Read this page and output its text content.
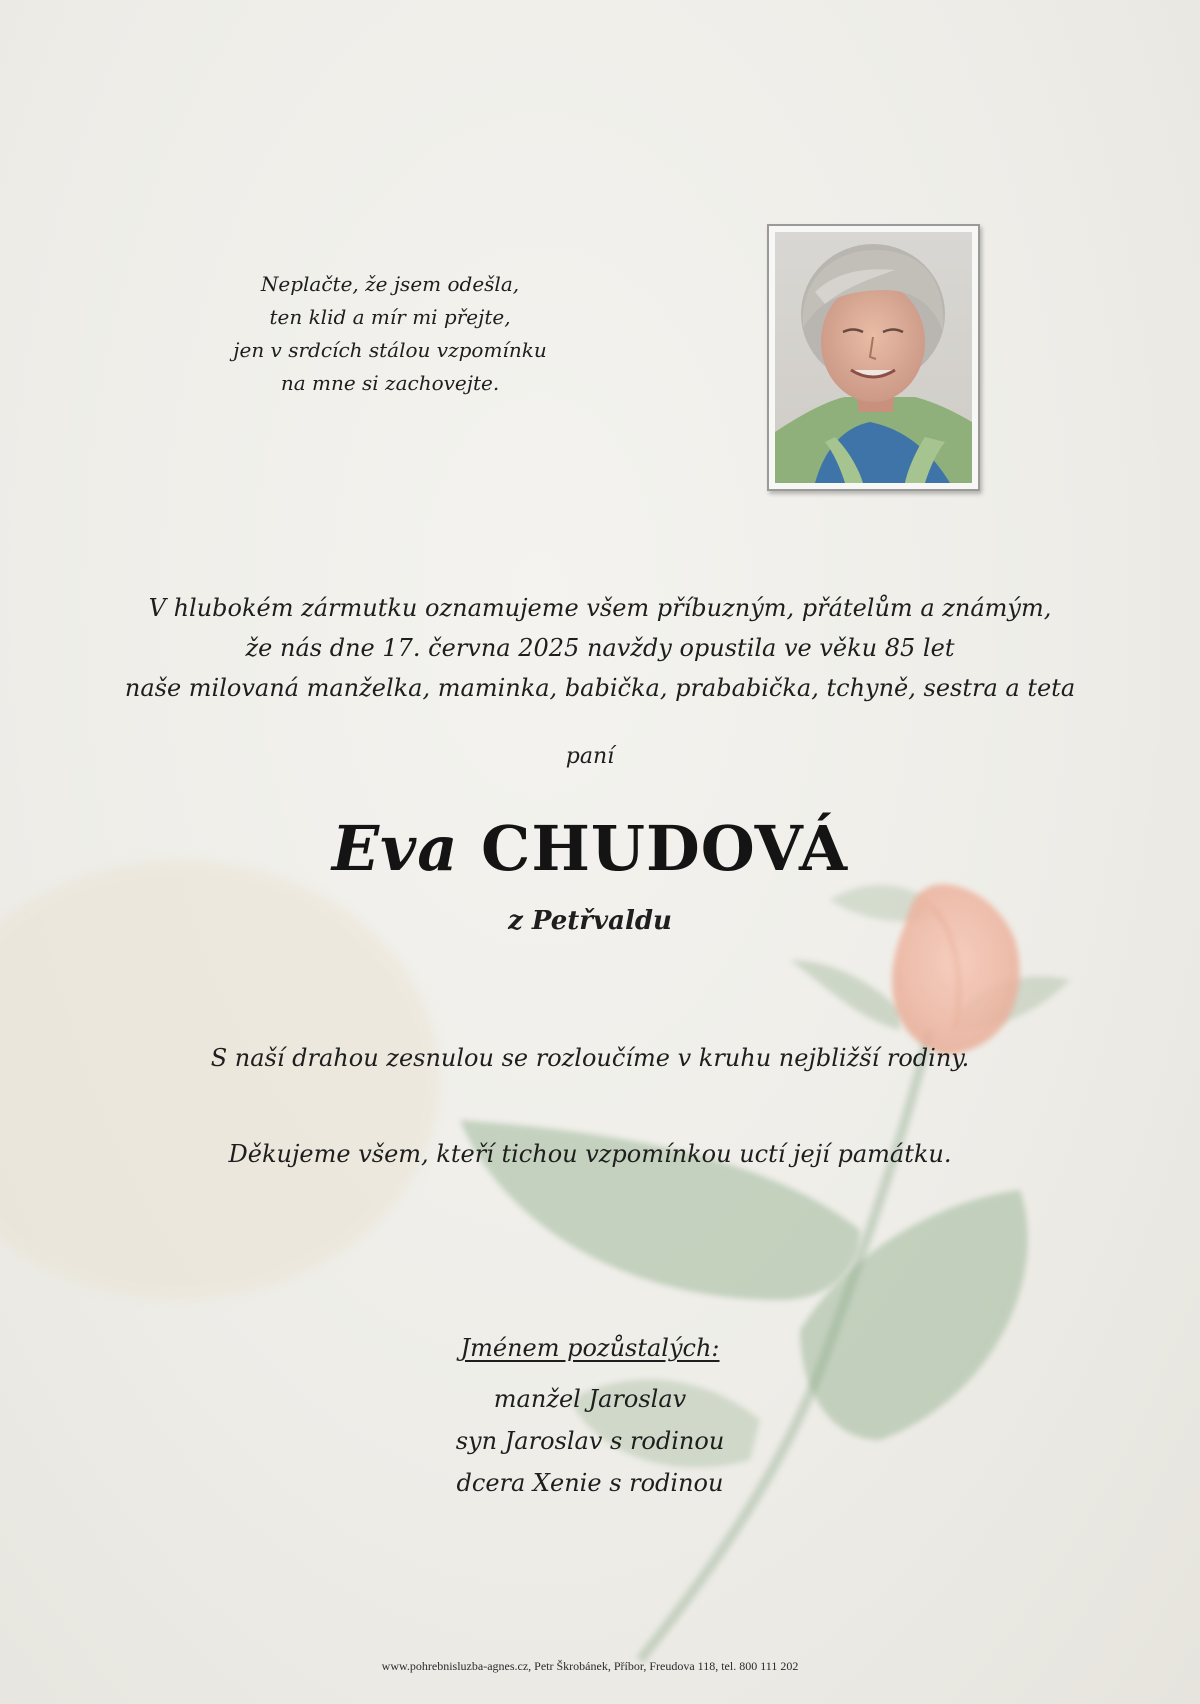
Neplačte, že jsem odešla,
ten klid a mír mi přejte,
jen v srdcích stálou vzpomínku
na mne si zachovejte.
V hlubokém zármutku oznamujeme všem příbuzným, přátelům a známým,
že nás dne 17. června 2025 navždy opustila ve věku 85 let
naše milovaná manželka, maminka, babička, prababička, tchyně, sestra a teta
paní
Eva CHUDOVÁ
z Petřvaldu
S naší drahou zesnulou se rozloučíme v kruhu nejbližší rodiny.
Děkujeme všem, kteří tichou vzpomínkou uctí její památku.
Jménem pozůstalých:
manžel Jaroslav
syn Jaroslav s rodinou
dcera Xenie s rodinou
www.pohrebnisluzba-agnes.cz, Petr Škrobánek, Příbor, Freudova 118, tel. 800 111 202
